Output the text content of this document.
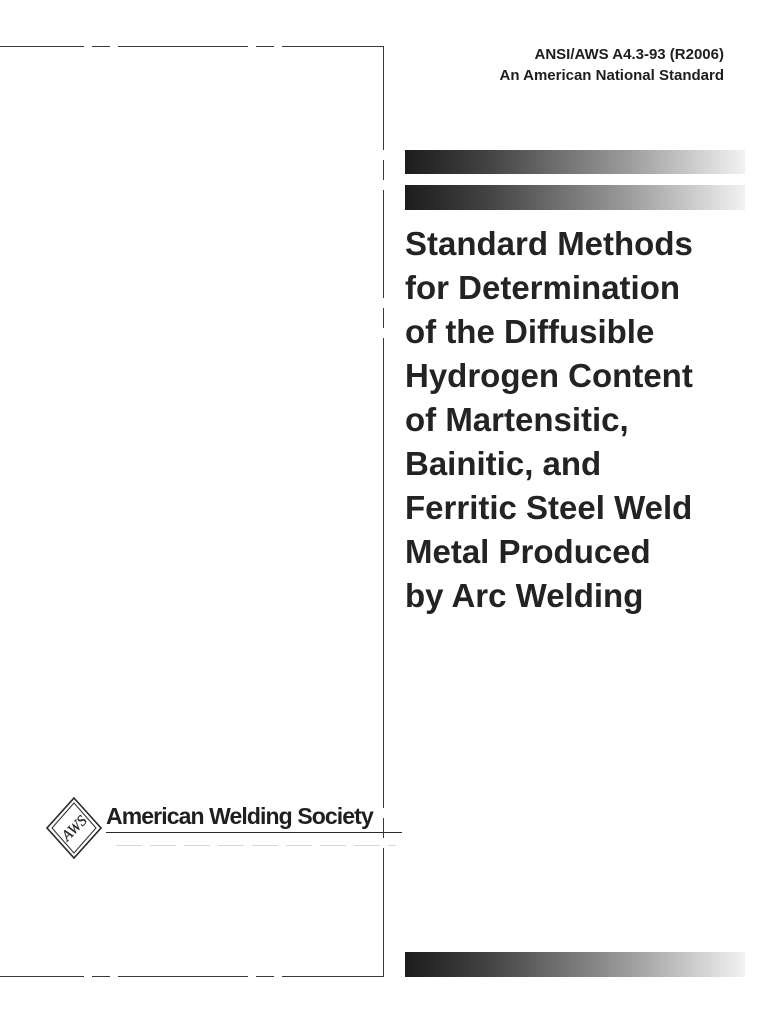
ANSI/AWS A4.3-93 (R2006)
An American National Standard
Standard Methods
for Determination
of the Diffusible
Hydrogen Content
of Martensitic,
Bainitic, and
Ferritic Steel Weld
Metal Produced
by Arc Welding
AWS American Welding Society
